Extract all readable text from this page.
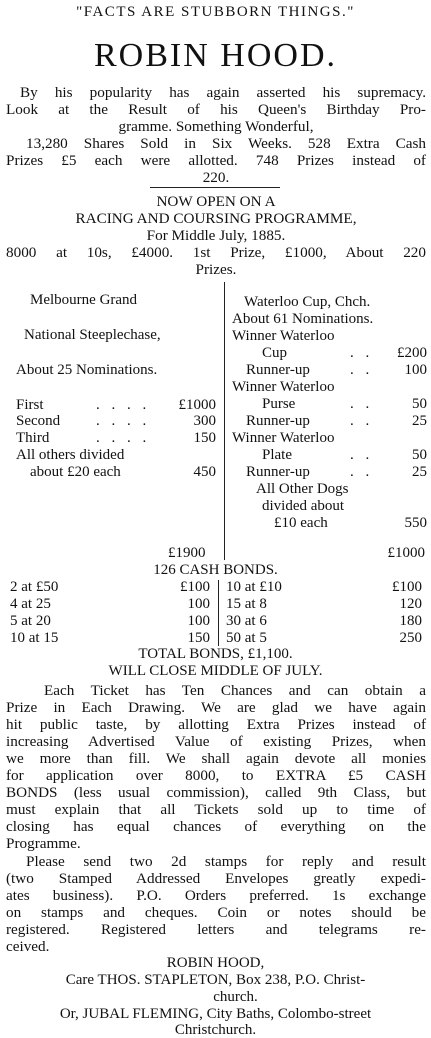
"FACTS ARE STUBBORN THINGS."
ROBIN HOOD.
By his popularity has again asserted his supremacy.
Look at the Result of his Queen's Birthday Pro-
gramme. Something Wonderful,
13,280 Shares Sold in Six Weeks. 528 Extra Cash
Prizes £5 each were allotted. 748 Prizes instead of
220.
NOW OPEN ON A
RACING AND COURSING PROGRAMME,
For Middle July, 1885.
8000 at 10s, £4000. 1st Prize, £1000, About 220
Prizes.
Melbourne Grand
National Steeplechase,
About 25 Nominations.
First	. . . . £1000
Second . . . .	300
Third	. . . .	150
All others divided
about £20 each	450
£1900
Waterloo Cup, Chch.
About 61 Nominations.
Winner Waterloo
Cup	. . £200
Runner-up	. . 100
Winner Waterloo
Purse	. .	50
Runner-up	. .	25
Winner Waterloo
Plate	. .	50
Runner-up	. .	25
All Other Dogs
divided about
£10 each	550
£1000
126 CASH BONDS.
2 at £50	£100
4 at 25	100
5 at 20	100
10 at 15	150
10 at £10	£100
15 at 8	120
30 at 6	180
50 at 5	250
TOTAL BONDS, £1,100.
WILL CLOSE MIDDLE OF JULY.
Each Ticket has Ten Chances and can obtain a
Prize in Each Drawing. We are glad we have again
hit public taste, by allotting Extra Prizes instead of
increasing Advertised Value of existing Prizes, when
we more than fill. We shall again devote all monies
for application over 8000, to EXTRA £5 CASH
BONDS (less usual commission), called 9th Class, but
must explain that all Tickets sold up to time of
closing has equal chances of everything on the
Programme.
Please send two 2d stamps for reply and result
(two Stamped Addressed Envelopes greatly expedi-
ates business). P.O. Orders preferred. 1s exchange
on stamps and cheques. Coin or notes should be
registered. Registered letters and telegrams re-
ceived.
ROBIN HOOD,
Care THOS. STAPLETON, Box 238, P.O. Christ-
church.
Or, JUBAL FLEMING, City Baths, Colombo-street
Christchurch.
